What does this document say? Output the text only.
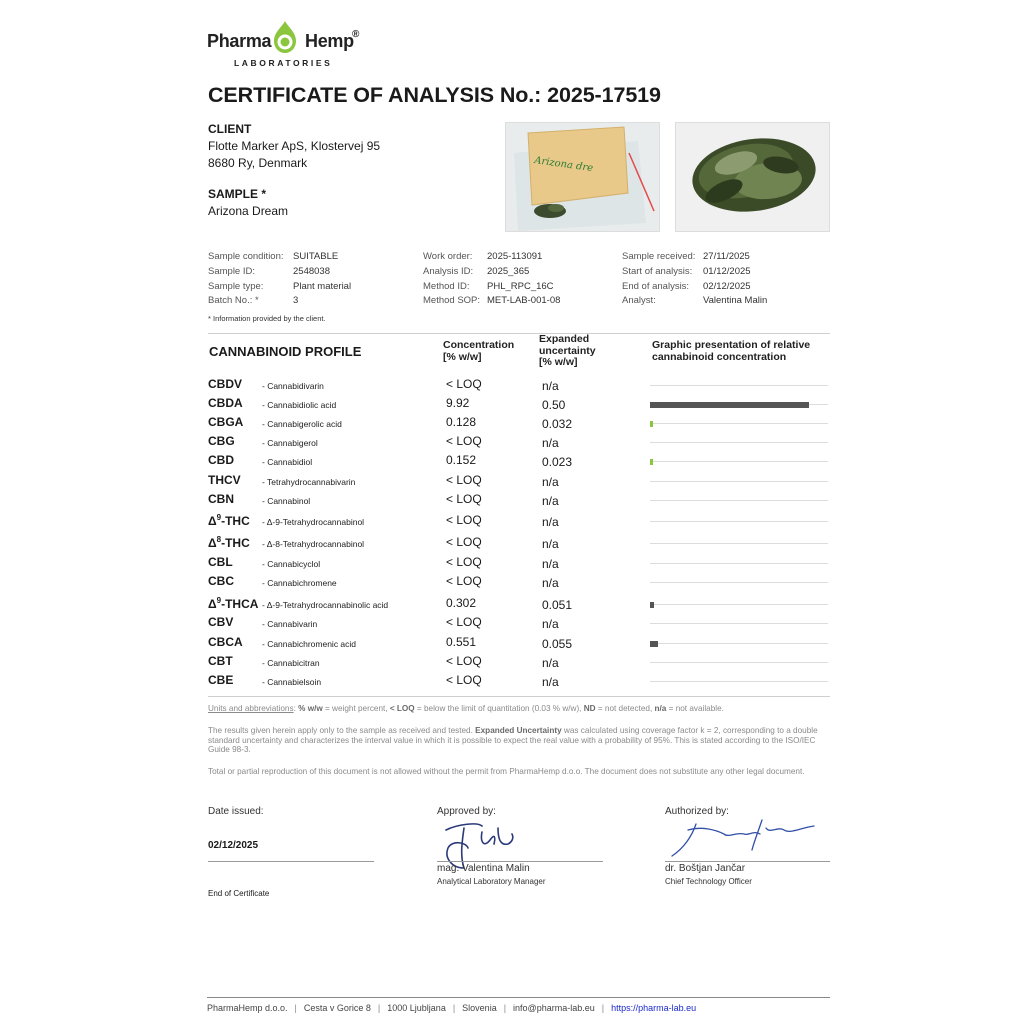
Pharma Hemp
®
LABORATORIES
CERTIFICATE OF ANALYSIS No.: 2025-17519
CLIENT
Flotte Marker ApS, Klostervej 95
8680 Ry, Denmark
SAMPLE *
Arizona Dream
Arizona dre
Sample condition: SUITABLE
Sample ID:	2548038
Sample type:	Plant material
Batch No.: *	3
Work order: 2025-113091
Analysis ID: 2025_365
Method ID: PHL_RPC_16C
Method SOP: MET-LAB-001-08
Sample received: 27/11/2025
Start of analysis: 01/12/2025
End of analysis: 02/12/2025
Analyst:	Valentina Malin
* Information provided by the client.
CANNABINOID PROFILE	Concentration
[% w/w]
Expanded
uncertainty
[% w/w]
Graphic presentation of relative
cannabinoid concentration
CBDV - Cannabidivarin	< LOQ	n/a
CBDA - Cannabidiolic acid	9.92	0.50
CBGA - Cannabigerolic acid	0.128	0.032
CBG	- Cannabigerol	< LOQ	n/a
CBD	- Cannabidiol	0.152	0.023
THCV	- Tetrahydrocannabivarin	< LOQ	n/a
CBN	- Cannabinol	< LOQ	n/a
$\Delta^9$-THC - Δ-9-Tetrahydrocannabinol	< LOQ	n/a
$\Delta^8$-THC - Δ-8-Tetrahydrocannabinol	< LOQ	n/a
CBL	- Cannabicyclol	< LOQ	n/a
CBC	- Cannabichromene	< LOQ	n/a
$\Delta^9$-THCA - Δ-9-Tetrahydrocannabinolic acid	0.302	0.051
CBV	- Cannabivarin	< LOQ	n/a
CBCA - Cannabichromenic acid	0.551	0.055
CBT	- Cannabicitran	< LOQ	n/a
CBE	- Cannabielsoin	< LOQ	n/a
Units and abbreviations: % w/w = weight percent, < LOQ = below the limit of quantitation (0.03 % w/w), ND = not detected, n/a = not available.
The results given herein apply only to the sample as received and tested. Expanded Uncertainty was calculated using coverage factor k = 2, corresponding to a double standard uncertainty and characterizes the interval value in which it is possible to expect the real value with a probability of 95%. This is stated according to the ISO/IEC Guide 98-3.
Total or partial reproduction of this document is not allowed without the permit from PharmaHemp d.o.o. The document does not substitute any other legal document.
Date issued:
02/12/2025
End of Certificate
Approved by:
mag. Valentina Malin
Analytical Laboratory Manager
Authorized by:
dr. Boštjan Jančar
Chief Technology Officer
PharmaHemp d.o.o. | Cesta v Gorice 8 | 1000 Ljubljana | Slovenia | info@pharma-lab.eu | https://pharma-lab.eu
